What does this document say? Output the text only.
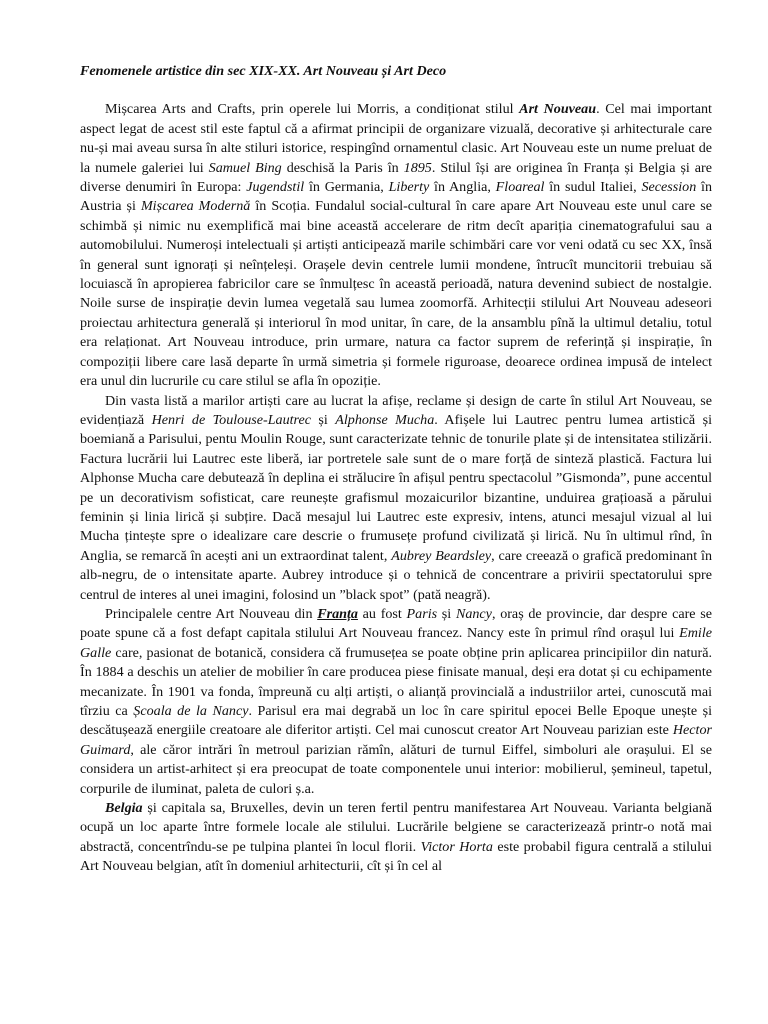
Fenomenele artistice din sec XIX-XX. Art Nouveau și Art Deco

Mișcarea Arts and Crafts, prin operele lui Morris, a condiționat stilul Art Nouveau. Cel mai important aspect legat de acest stil este faptul că a afirmat principii de organizare vizuală, decorative și arhitecturale care nu-și mai aveau sursa în alte stiluri istorice, respingînd ornamentul clasic. Art Nouveau este un nume preluat de la numele galeriei lui Samuel Bing deschisă la Paris în 1895. Stilul își are originea în Franța și Belgia și are diverse denumiri în Europa: Jugendstil în Germania, Liberty în Anglia, Floareal în sudul Italiei, Secession în Austria și Mișcarea Modernă în Scoția. Fundalul social-cultural în care apare Art Nouveau este unul care se schimbă și nimic nu exemplifică mai bine această accelerare de ritm decît apariția cinematografului sau a automobilului. Numeroși intelectuali și artiști anticipează marile schimbări care vor veni odată cu sec XX, însă în general sunt ignorați și neînțeleși. Orașele devin centrele lumii mondene, întrucît muncitorii trebuiau să locuiască în apropierea fabricilor care se înmulțesc în această perioadă, natura devenind subiect de nostalgie. Noile surse de inspirație devin lumea vegetală sau lumea zoomorfă. Arhitecții stilului Art Nouveau adeseori proiectau arhitectura generală și interiorul în mod unitar, în care, de la ansamblu pînă la ultimul detaliu, totul era relaționat. Art Nouveau introduce, prin urmare, natura ca factor suprem de referință și inspirație, în compoziții libere care lasă departe în urmă simetria și formele riguroase, deoarece ordinea impusă de intelect era unul din lucrurile cu care stilul se afla în opoziție.

Din vasta listă a marilor artiști care au lucrat la afișe, reclame și design de carte în stilul Art Nouveau, se evidențiază Henri de Toulouse-Lautrec și Alphonse Mucha. Afișele lui Lautrec pentru lumea artistică și boemiană a Parisului, pentu Moulin Rouge, sunt caracterizate tehnic de tonurile plate și de intensitatea stilizării. Factura lucrării lui Lautrec este liberă, iar portretele sale sunt de o mare forță de sinteză plastică. Factura lui Alphonse Mucha care debutează în deplina ei strălucire în afișul pentru spectacolul ”Gismonda”, pune accentul pe un decorativism sofisticat, care reunește grafismul mozaicurilor bizantine, unduirea grațioasă a părului feminin și linia lirică și subțire. Dacă mesajul lui Lautrec este expresiv, intens, atunci mesajul vizual al lui Mucha țintește spre o idealizare care descrie o frumusețe profund civilizată și lirică. Nu în ultimul rînd, în Anglia, se remarcă în acești ani un extraordinat talent, Aubrey Beardsley, care creează o grafică predominant în alb-negru, de o intensitate aparte. Aubrey introduce și o tehnică de concentrare a privirii spectatorului spre centrul de interes al unei imagini, folosind un ”black spot” (pată neagră).

Principalele centre Art Nouveau din Franța au fost Paris și Nancy, oraș de provincie, dar despre care se poate spune că a fost defapt capitala stilului Art Nouveau francez. Nancy este în primul rînd orașul lui Emile Galle care, pasionat de botanică, considera că frumusețea se poate obține prin aplicarea principiilor din natură. În 1884 a deschis un atelier de mobilier în care producea piese finisate manual, deși era dotat și cu echipamente mecanizate. În 1901 va fonda, împreună cu alți artiști, o alianță provincială a industriilor artei, cunoscută mai tîrziu ca Școala de la Nancy. Parisul era mai degrabă un loc în care spiritul epocei Belle Epoque unește și descătușează energiile creatoare ale diferitor artiști. Cel mai cunoscut creator Art Nouveau parizian este Hector Guimard, ale căror intrări în metroul parizian rămîn, alături de turnul Eiffel, simboluri ale orașului. El se considera un artist-arhitect și era preocupat de toate componentele unui interior: mobilierul, șemineul, tapetul, corpurile de iluminat, paleta de culori ș.a.

Belgia și capitala sa, Bruxelles, devin un teren fertil pentru manifestarea Art Nouveau. Varianta belgiană ocupă un loc aparte între formele locale ale stilului. Lucrările belgiene se caracterizează printr-o notă mai abstractă, concentrîndu-se pe tulpina plantei în locul florii. Victor Horta este probabil figura centrală a stilului Art Nouveau belgian, atît în domeniul arhitecturii, cît și în cel al
